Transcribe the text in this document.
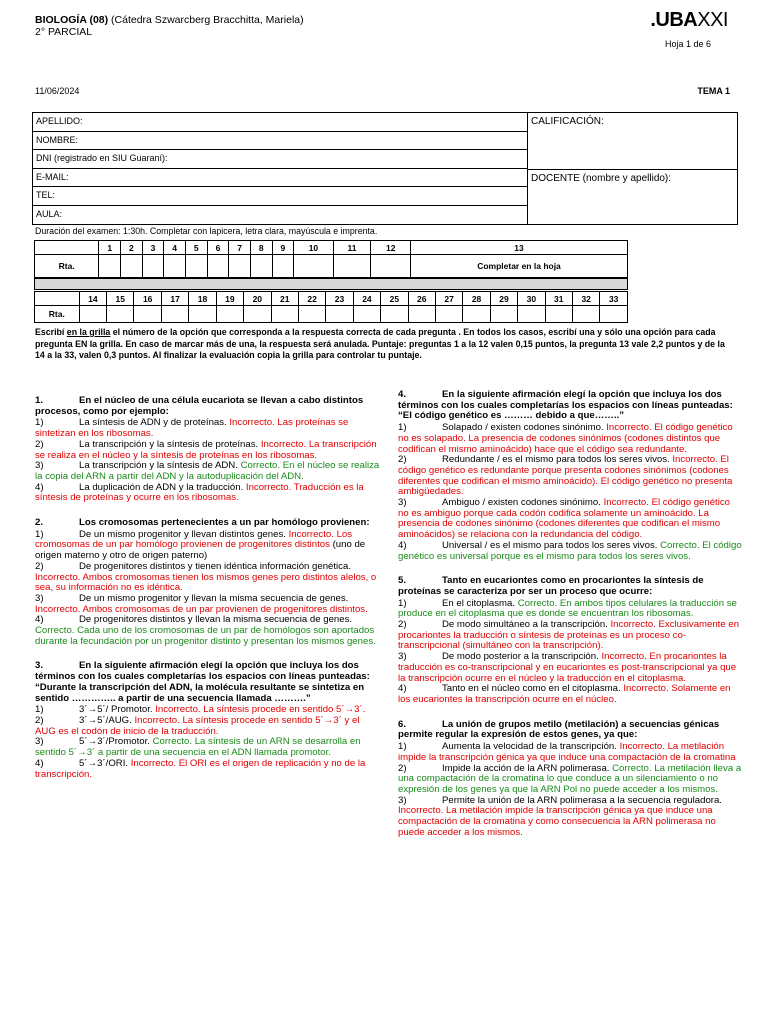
BIOLOGÍA (08) (Cátedra Szwarcberg Bracchitta, Mariela)
2° PARCIAL
.UBAXXI
Hoja 1 de 6
11/06/2024	TEMA 1
APELLIDO:
NOMBRE:
DNI (registrado en SIU Guaraní):
E-MAIL:
TEL:
AULA:
CALIFICACIÓN:
DOCENTE (nombre y apellido):
Duración del examen: 1:30h. Completar con lapicera, letra clara, mayúscula e imprenta.
	1	2	3	4	5	6	7	8	9	10	11	12	13
Rta.													Completar en la hoja
	14	15	16	17	18	19	20	21	22	23	24	25	26	27	28	29	30	31	32	33
Rta.																				
Escribí en la grilla el número de la opción que corresponda a la respuesta correcta de cada pregunta . En todos los casos, escribí una y sólo una opción para cada pregunta EN la grilla. En caso de marcar más de una, la respuesta será anulada. Puntaje: preguntas 1 a la 12 valen 0,15 puntos, la pregunta 13 vale 2,2 puntos y de la 14 a la 33, valen 0,3 puntos. Al finalizar la evaluación copia la grilla para controlar tu puntaje.
1.	En el núcleo de una célula eucariota se llevan a cabo distintos procesos, como por ejemplo:
1)	La síntesis de ADN y de proteínas. Incorrecto. Las proteínas se sintetizan en los ribosomas.
2)	La transcripción y la síntesis de proteínas. Incorrecto. La transcripción se realiza en el núcleo y la síntesis de proteínas en los ribosomas.
3)	La transcripción y la síntesis de ADN. Correcto. En el núcleo se realiza la copia del ARN a partir del ADN y la autoduplicación del ADN.
4)	La duplicación de ADN y la traducción. Incorrecto. Traducción es la síntesis de proteínas y ocurre en los ribosomas.
2.	Los cromosomas pertenecientes a un par homólogo provienen:
1)	De un mismo progenitor y llevan distintos genes. Incorrecto. Los cromosomas de un par homólogo provienen de progenitores distintos (uno de origen materno y otro de origen paterno)
2)	De progenitores distintos y tienen idéntica información genética. Incorrecto. Ambos cromosomas tienen los mismos genes pero distintos alelos, o sea, su información no es idéntica.
3)	De un mismo progenitor y llevan la misma secuencia de genes. Incorrecto. Ambos cromosomas de un par provienen de progenitores distintos.
4)	De progenitores distintos y llevan la misma secuencia de genes. Correcto. Cada uno de los cromosomas de un par de homólogos son aportados durante la fecundación por un progenitor distinto y presentan los mismos genes.
3.	En la siguiente afirmación elegí la opción que incluya los dos términos con los cuales completarías los espacios con líneas punteadas: “Durante la transcripción del ADN, la molécula resultante se sintetiza en sentido ………….. a partir de una secuencia llamada ……….”
1)	3´→5´/ Promotor. Incorrecto. La síntesis procede en sentido 5´→3´.
2)	3´→5´/AUG. Incorrecto. La síntesis procede en sentido 5´→3´ y el AUG es el codón de inicio de la traducción.
3)	5´→3´/Promotor. Correcto. La síntesis de un ARN se desarrolla en sentido 5´→3´ a partir de una secuencia en el ADN llamada promotor.
4)	5´→3´/ORI. Incorrecto. El ORI es el origen de replicación y no de la transcripción.
4.	En la siguiente afirmación elegí la opción que incluya los dos términos con los cuales completarías los espacios con líneas punteadas: “El código genético es ……… debido a que……..”
1)	Solapado / existen codones sinónimo. Incorrecto. El código genético no es solapado. La presencia de codones sinónimos (codones distintos que codifican el mismo aminoácido) hace que el código sea redundante.
2)	Redundante / es el mismo para todos los seres vivos. Incorrecto. El código genético es redundante porque presenta codones sinónimos (codones diferentes que codifican el mismo aminoácido). El código genético no presenta ambigüedades.
3)	Ambiguo / existen codones sinónimo. Incorrecto. El código genético no es ambiguo porque cada codón codifica solamente un aminoácido. La presencia de codones sinónimo (codones diferentes que codifican el mismo aminoácidos) se relaciona con la redundancia del código.
4)	Universal / es el mismo para todos los seres vivos. Correcto. El código genético es universal porque es el mismo para todos los seres vivos.
5.	Tanto en eucariontes como en procariontes la síntesis de proteínas se caracteriza por ser un proceso que ocurre:
1)	En el citoplasma. Correcto. En ambos tipos celulares la traducción se produce en el citoplasma que es donde se encuentran los ribosomas.
2)	De modo simultáneo a la transcripción. Incorrecto. Exclusivamente en procariontes la traducción o síntesis de proteínas es un proceso co-transcripcional (simultáneo con la transcripción).
3)	De modo posterior a la transcripción. Incorrecto. En procariontes la traducción es co-transcripcional y en eucariontes es post-transcripcional ya que la transcripción ocurre en el núcleo y la traducción en el citoplasma.
4)	Tanto en el núcleo como en el citoplasma. Incorrecto. Solamente en los eucariontes la transcripción ocurre en el núcleo.
6.	La unión de grupos metilo (metilación) a secuencias génicas permite regular la expresión de estos genes, ya que:
1)	Aumenta la velocidad de la transcripción. Incorrecto. La metilación impide la transcripción génica ya que induce una compactación de la cromatina
2)	Impide la acción de la ARN polimerasa. Correcto. La metilación lleva a una compactación de la cromatina lo que conduce a un silenciamiento o no expresión de los genes ya que la ARN Pol no puede acceder a los mismos.
3)	Permite la unión de la ARN polimerasa a la secuencia reguladora. Incorrecto. La metilación impide la transcripción génica ya que induce una compactación de la cromatina y como consecuencia la ARN polimerasa no puede acceder a los mismos.
